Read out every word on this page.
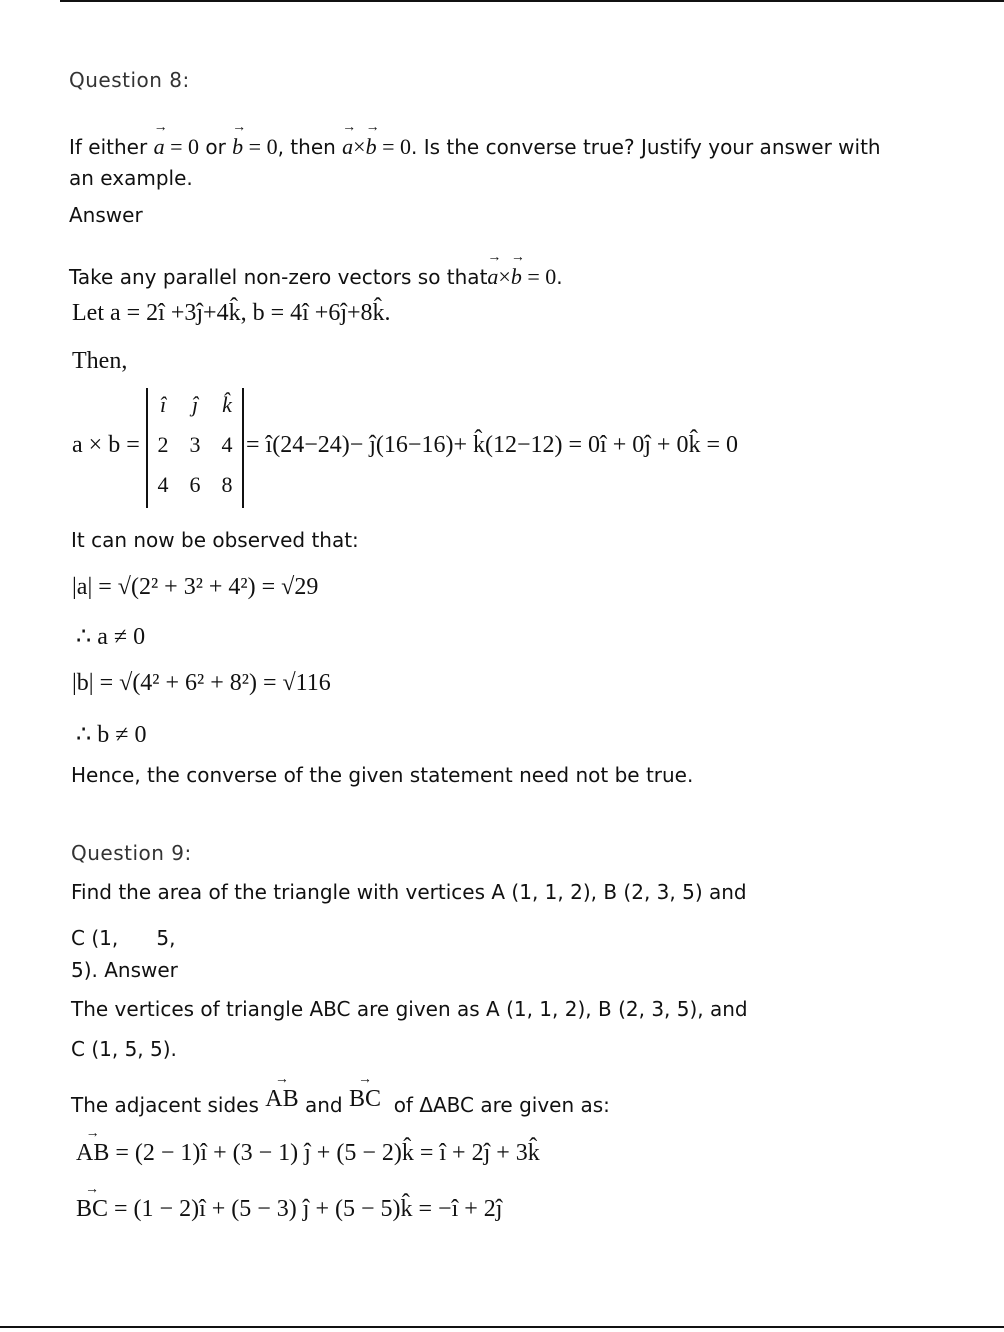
Question 8:
If either a → = 0 or b → = 0, then a →×b → = 0. Is the converse true? Justify your answer with
an example.
Answer
Take any parallel non-zero vectors so thata →×b → = 0.
Let a = 2î +3ĵ+4k̂, b = 4î +6ĵ+8k̂.
Then,
a × b =
î	ĵ	k̂
2 3 4
4 6 8
= î(24−24)− ĵ(16−16)+ k̂(12−12) = 0î + 0ĵ + 0k̂ = 0
It can now be observed that:
|a| = √(2² + 3² + 4²) = √29
∴ a ≠ 0
|b| = √(4² + 6² + 8²) = √116
∴ b ≠ 0
Hence, the converse of the given statement need not be true.
Question 9:
Find the area of the triangle with vertices A (1, 1, 2), B (2, 3, 5) and
C (1,      5,
5). Answer
The vertices of triangle ABC are given as A (1, 1, 2), B (2, 3, 5), and
C (1, 5, 5).
The adjacent sides AB → and BC → of ΔABC are given as:
AB → = (2 − 1)î + (3 − 1) ĵ + (5 − 2)k̂ = î + 2ĵ + 3k̂
BC → = (1 − 2)î + (5 − 3) ĵ + (5 − 5)k̂ = −î + 2ĵ
